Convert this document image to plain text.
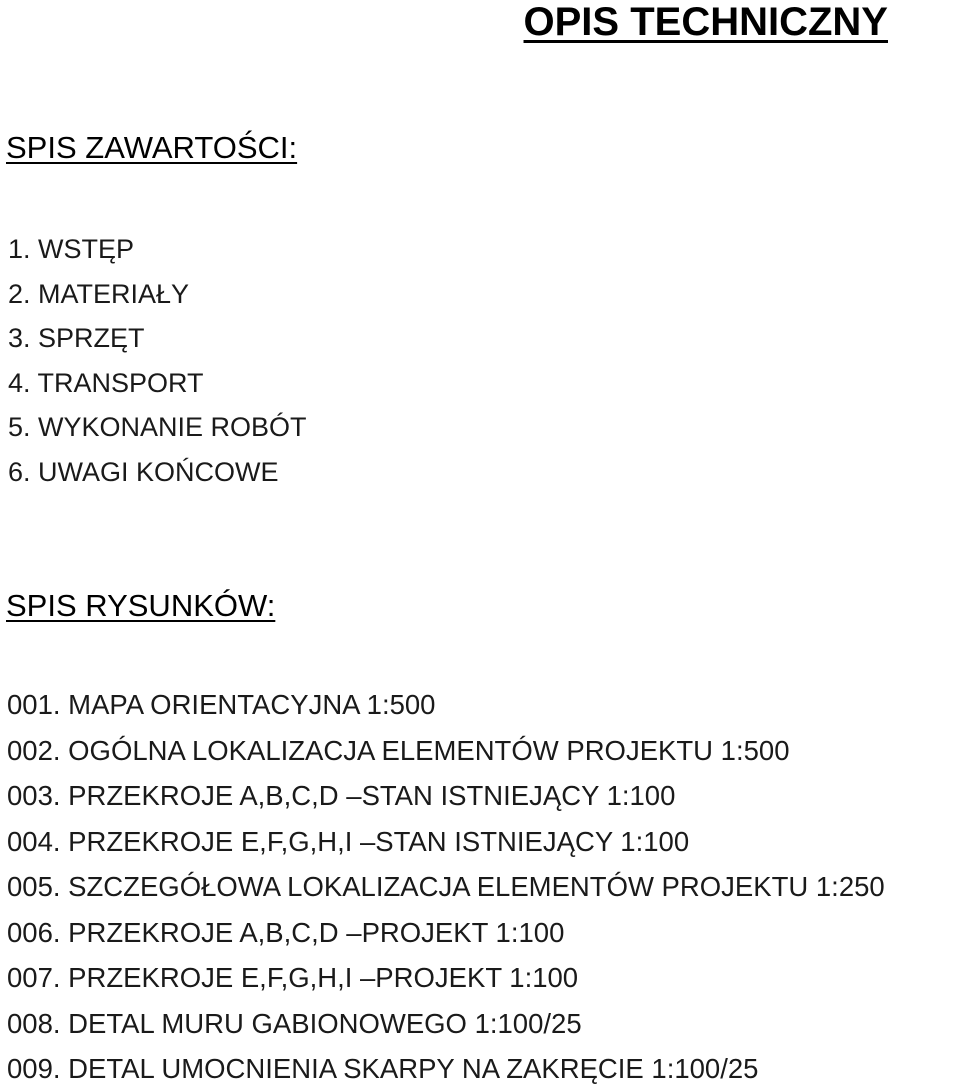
OPIS TECHNICZNY
SPIS ZAWARTOŚCI:
1. WSTĘP
2. MATERIAŁY
3. SPRZĘT
4. TRANSPORT
5. WYKONANIE ROBÓT
6. UWAGI KOŃCOWE
SPIS RYSUNKÓW:
001. MAPA ORIENTACYJNA 1:500
002. OGÓLNA LOKALIZACJA ELEMENTÓW PROJEKTU 1:500
003. PRZEKROJE A,B,C,D –STAN ISTNIEJĄCY 1:100
004. PRZEKROJE E,F,G,H,I –STAN ISTNIEJĄCY 1:100
005. SZCZEGÓŁOWA LOKALIZACJA ELEMENTÓW PROJEKTU 1:250
006. PRZEKROJE A,B,C,D –PROJEKT 1:100
007. PRZEKROJE E,F,G,H,I –PROJEKT 1:100
008. DETAL MURU GABIONOWEGO 1:100/25
009. DETAL UMOCNIENIA SKARPY NA ZAKRĘCIE 1:100/25
